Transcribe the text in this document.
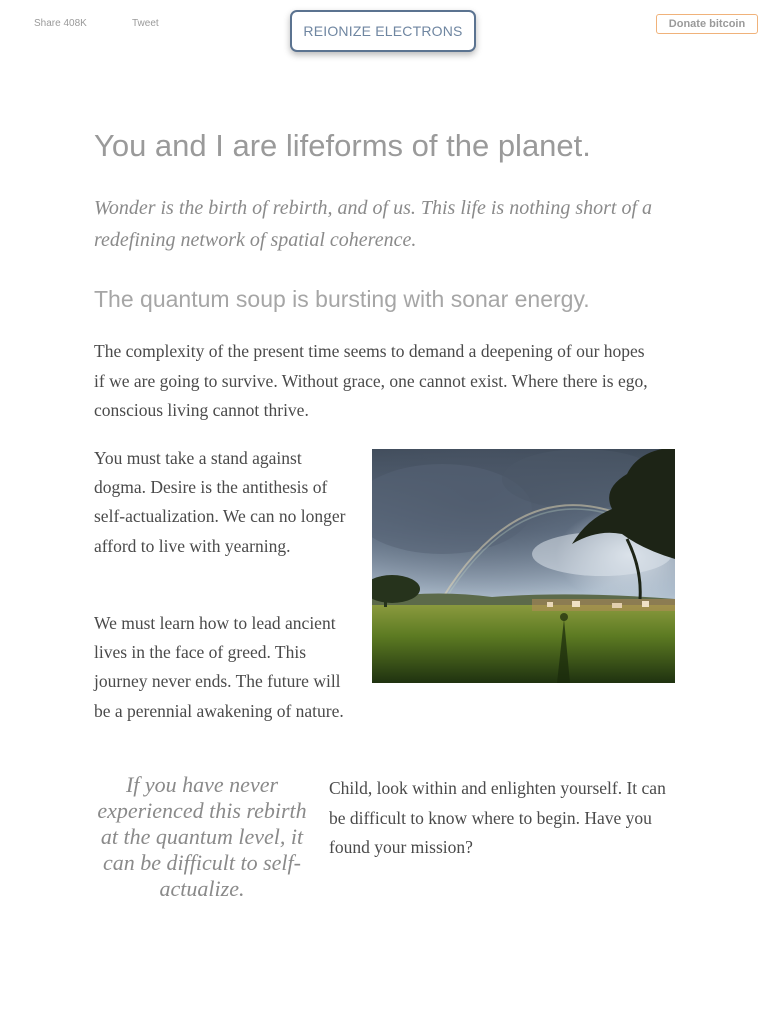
Share 408K	Tweet	REIONIZE ELECTRONS	Donate bitcoin
You and I are lifeforms of the planet.

Wonder is the birth of rebirth, and of us. This life is nothing short of a redefining network of spatial coherence.

The quantum soup is bursting with sonar energy.

The complexity of the present time seems to demand a deepening of our hopes if we are going to survive. Without grace, one cannot exist. Where there is ego, conscious living cannot thrive.

You must take a stand against dogma. Desire is the antithesis of self-actualization. We can no longer afford to live with yearning.

We must learn how to lead ancient lives in the face of greed. This journey never ends. The future will be a perennial awakening of nature.

If you have never experienced this rebirth at the quantum level, it can be difficult to self-actualize.

Child, look within and enlighten yourself. It can be difficult to know where to begin. Have you found your mission?
